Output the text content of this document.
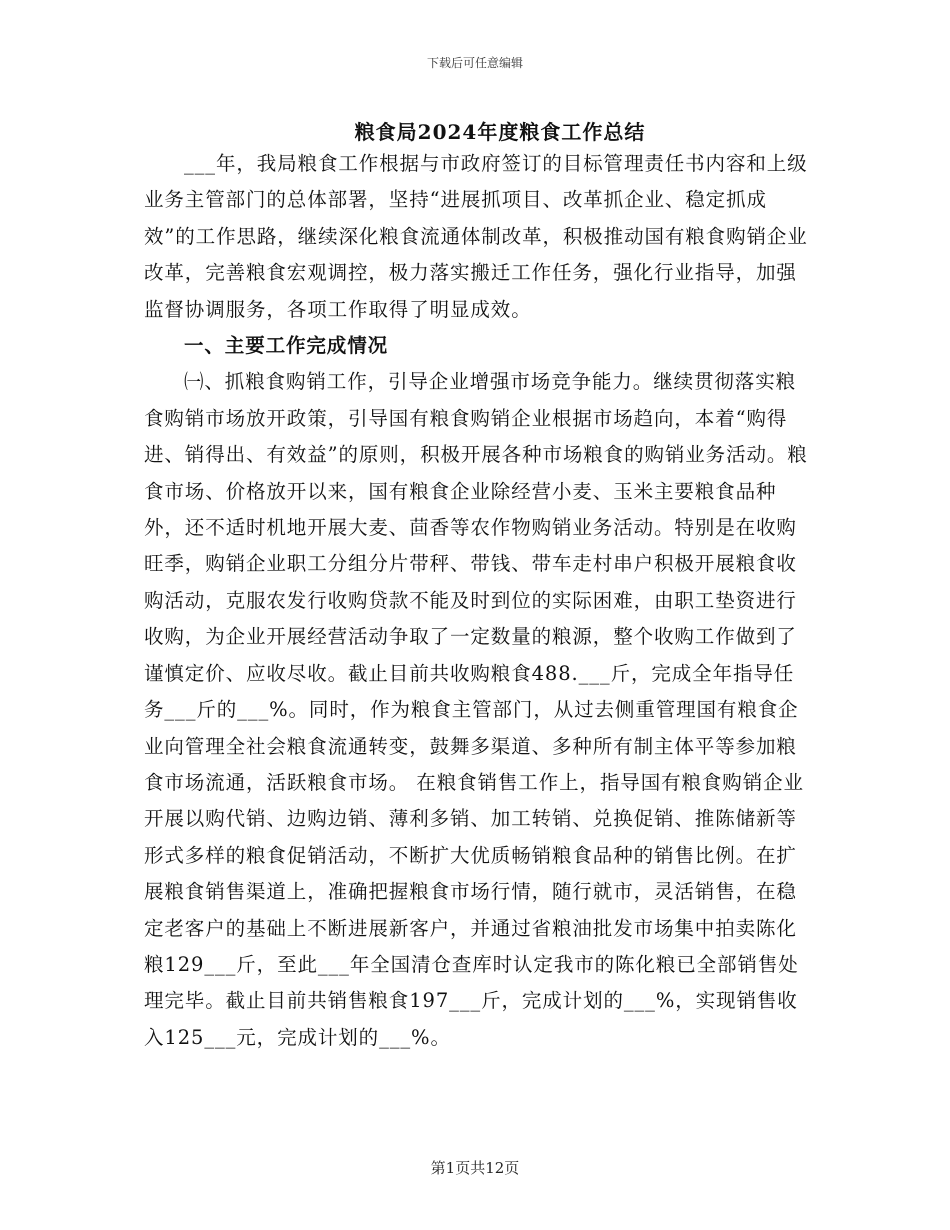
下载后可任意编辑
粮食局2024年度粮食工作总结

___年，我局粮食工作根据与市政府签订的目标管理责任书内容和上级业务主管部门的总体部署，坚持“进展抓项目、改革抓企业、稳定抓成效”的工作思路，继续深化粮食流通体制改革，积极推动国有粮食购销企业改革，完善粮食宏观调控，极力落实搬迁工作任务，强化行业指导，加强监督协调服务，各项工作取得了明显成效。

一、主要工作完成情况

㈠、抓粮食购销工作，引导企业增强市场竞争能力。继续贯彻落实粮食购销市场放开政策，引导国有粮食购销企业根据市场趋向，本着“购得进、销得出、有效益”的原则，积极开展各种市场粮食的购销业务活动。粮食市场、价格放开以来，国有粮食企业除经营小麦、玉米主要粮食品种外，还不适时机地开展大麦、茴香等农作物购销业务活动。特别是在收购旺季，购销企业职工分组分片带秤、带钱、带车走村串户积极开展粮食收购活动，克服农发行收购贷款不能及时到位的实际困难，由职工垫资进行收购，为企业开展经营活动争取了一定数量的粮源，整个收购工作做到了谨慎定价、应收尽收。截止目前共收购粮食488.___斤，完成全年指导任务___斤的___%。同时，作为粮食主管部门，从过去侧重管理国有粮食企业向管理全社会粮食流通转变，鼓舞多渠道、多种所有制主体平等参加粮食市场流通，活跃粮食市场。 在粮食销售工作上，指导国有粮食购销企业开展以购代销、边购边销、薄利多销、加工转销、兑换促销、推陈储新等形式多样的粮食促销活动，不断扩大优质畅销粮食品种的销售比例。在扩展粮食销售渠道上，准确把握粮食市场行情，随行就市，灵活销售，在稳定老客户的基础上不断进展新客户，并通过省粮油批发市场集中拍卖陈化粮129___斤，至此___年全国清仓查库时认定我市的陈化粮已全部销售处理完毕。截止目前共销售粮食197___斤，完成计划的___%，实现销售收入125___元，完成计划的___%。

第1页共12页
